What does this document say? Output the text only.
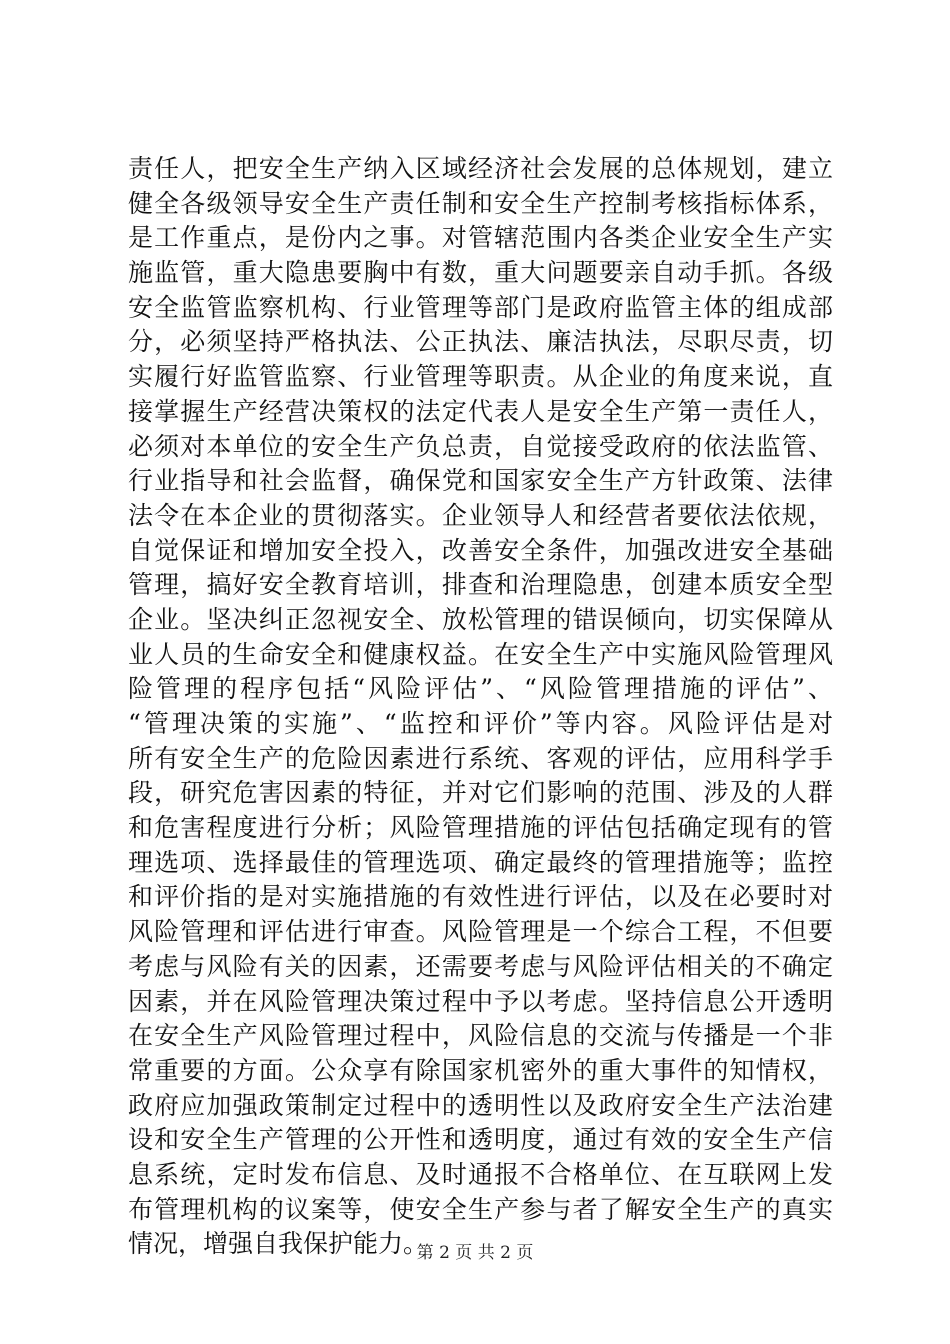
责任人，把安全生产纳入区域经济社会发展的总体规划，建立
健全各级领导安全生产责任制和安全生产控制考核指标体系，
是工作重点，是份内之事。对管辖范围内各类企业安全生产实
施监管，重大隐患要胸中有数，重大问题要亲自动手抓。各级
安全监管监察机构、行业管理等部门是政府监管主体的组成部
分，必须坚持严格执法、公正执法、廉洁执法，尽职尽责，切
实履行好监管监察、行业管理等职责。从企业的角度来说，直
接掌握生产经营决策权的法定代表人是安全生产第一责任人，
必须对本单位的安全生产负总责，自觉接受政府的依法监管、
行业指导和社会监督，确保党和国家安全生产方针政策、法律
法令在本企业的贯彻落实。企业领导人和经营者要依法依规，
自觉保证和增加安全投入，改善安全条件，加强改进安全基础
管理，搞好安全教育培训，排查和治理隐患，创建本质安全型
企业。坚决纠正忽视安全、放松管理的错误倾向，切实保障从
业人员的生命安全和健康权益。在安全生产中实施风险管理风
险管理的程序包括“风险评估”、“风险管理措施的评估”、
“管理决策的实施”、“监控和评价”等内容。风险评估是对
所有安全生产的危险因素进行系统、客观的评估，应用科学手
段，研究危害因素的特征，并对它们影响的范围、涉及的人群
和危害程度进行分析；风险管理措施的评估包括确定现有的管
理选项、选择最佳的管理选项、确定最终的管理措施等；监控
和评价指的是对实施措施的有效性进行评估，以及在必要时对
风险管理和评估进行审查。风险管理是一个综合工程，不但要
考虑与风险有关的因素，还需要考虑与风险评估相关的不确定
因素，并在风险管理决策过程中予以考虑。坚持信息公开透明
在安全生产风险管理过程中，风险信息的交流与传播是一个非
常重要的方面。公众享有除国家机密外的重大事件的知情权，
政府应加强政策制定过程中的透明性以及政府安全生产法治建
设和安全生产管理的公开性和透明度，通过有效的安全生产信
息系统，定时发布信息、及时通报不合格单位、在互联网上发
布管理机构的议案等，使安全生产参与者了解安全生产的真实
情况，增强自我保护能力。
第 2 页 共 2 页
